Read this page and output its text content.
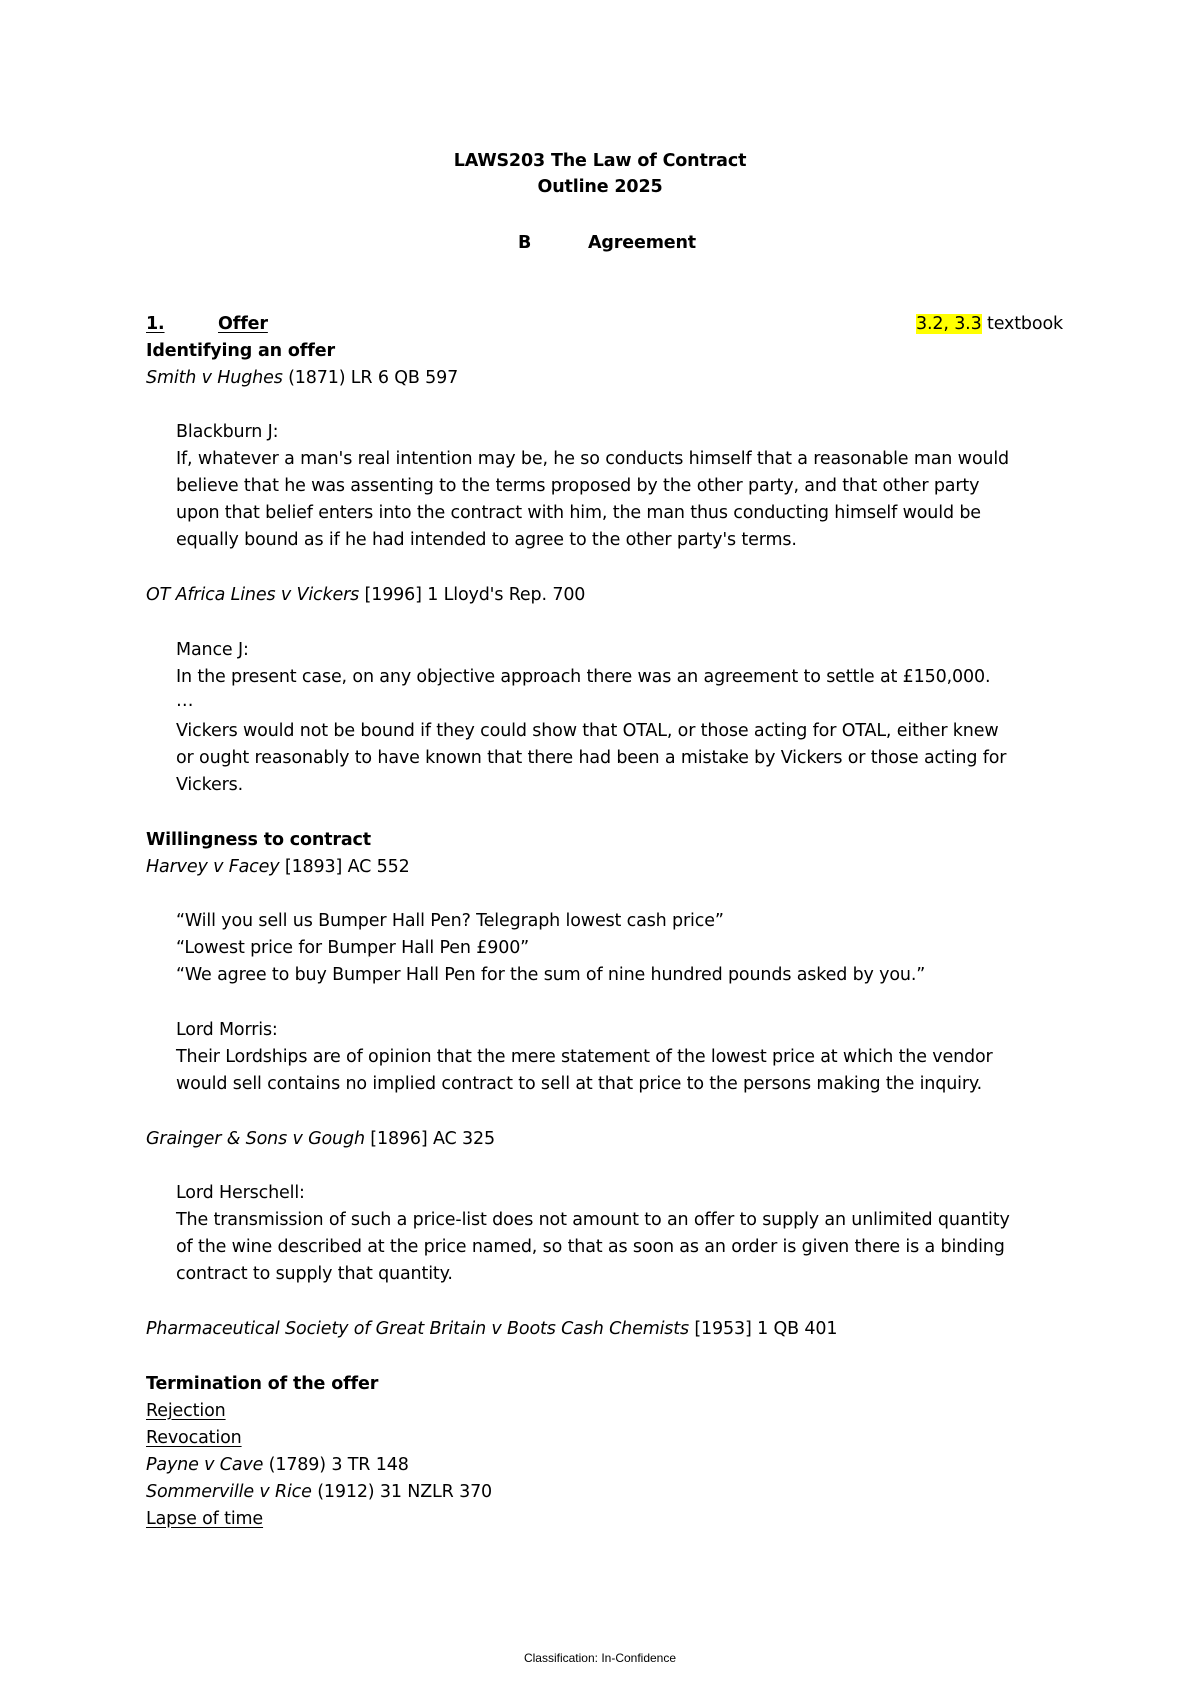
LAWS203 The Law of Contract
Outline 2025
B	Agreement
1.	Offer	3.2, 3.3 textbook
Identifying an offer
Smith v Hughes (1871) LR 6 QB 597
Blackburn J:
If, whatever a man's real intention may be, he so conducts himself that a reasonable man would
believe that he was assenting to the terms proposed by the other party, and that other party
upon that belief enters into the contract with him, the man thus conducting himself would be
equally bound as if he had intended to agree to the other party's terms.
OT Africa Lines v Vickers [1996] 1 Lloyd's Rep. 700
Mance J:
In the present case, on any objective approach there was an agreement to settle at £150,000.
…
Vickers would not be bound if they could show that OTAL, or those acting for OTAL, either knew
or ought reasonably to have known that there had been a mistake by Vickers or those acting for
Vickers.
Willingness to contract
Harvey v Facey [1893] AC 552
“Will you sell us Bumper Hall Pen? Telegraph lowest cash price”
“Lowest price for Bumper Hall Pen £900”
“We agree to buy Bumper Hall Pen for the sum of nine hundred pounds asked by you.”
Lord Morris:
Their Lordships are of opinion that the mere statement of the lowest price at which the vendor
would sell contains no implied contract to sell at that price to the persons making the inquiry.
Grainger & Sons v Gough [1896] AC 325
Lord Herschell:
The transmission of such a price-list does not amount to an offer to supply an unlimited quantity
of the wine described at the price named, so that as soon as an order is given there is a binding
contract to supply that quantity.
Pharmaceutical Society of Great Britain v Boots Cash Chemists [1953] 1 QB 401
Termination of the offer
Rejection
Revocation
Payne v Cave (1789) 3 TR 148
Sommerville v Rice (1912) 31 NZLR 370
Lapse of time
Classification: In-Confidence
